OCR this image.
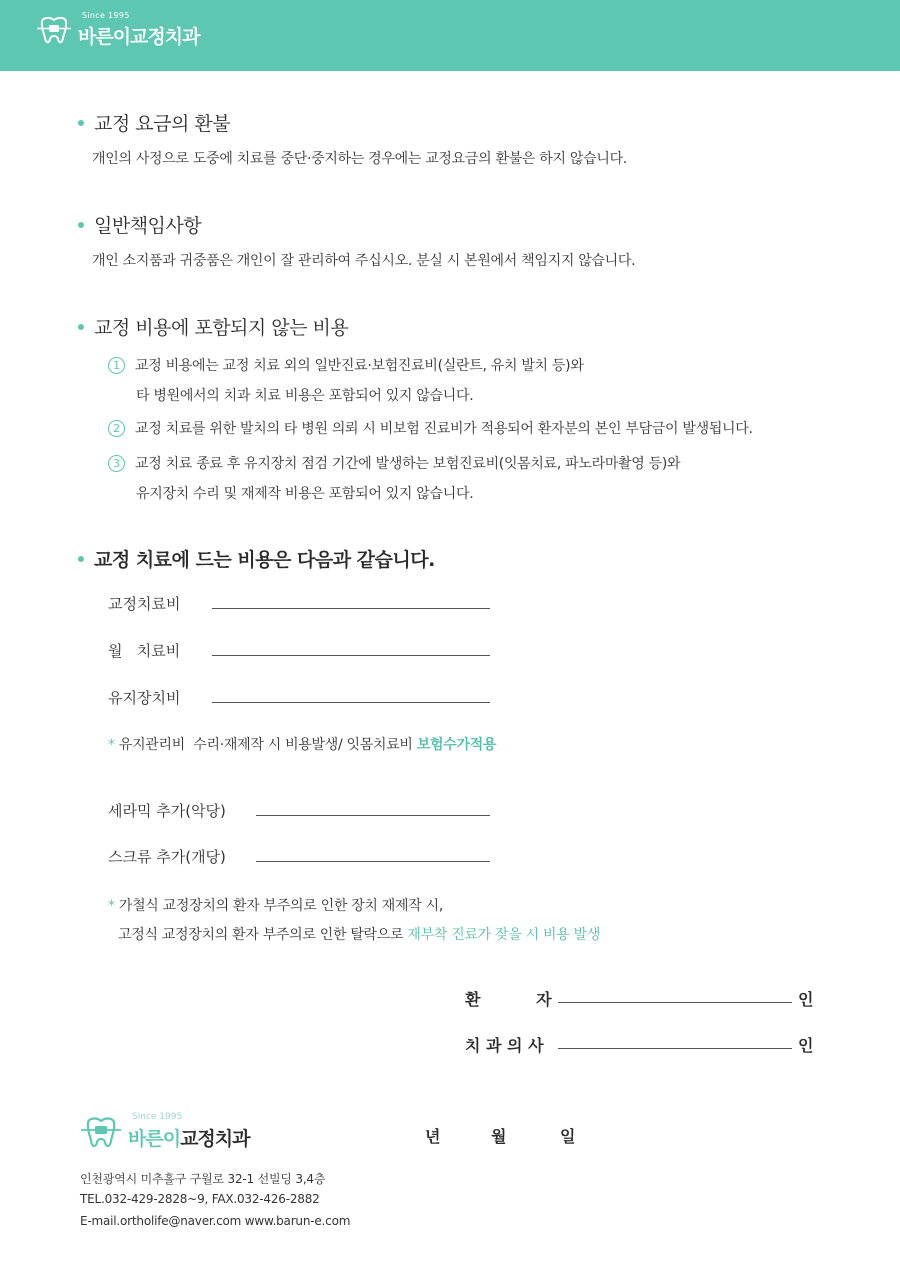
Since 1995
바른이교정치과
교정 요금의 환불
개인의 사정으로 도중에 치료를 중단·중지하는 경우에는 교정요금의 환불은 하지 않습니다.
일반책임사항
개인 소지품과 귀중품은 개인이 잘 관리하여 주십시오. 분실 시 본원에서 책임지지 않습니다.
교정 비용에 포함되지 않는 비용
1 교정 비용에는 교정 치료 외의 일반진료·보험진료비(실란트, 유치 발치 등)와
타 병원에서의 치과 치료 비용은 포함되어 있지 않습니다.
2 교정 치료를 위한 발치의 타 병원 의뢰 시 비보험 진료비가 적용되어 환자분의 본인 부담금이 발생됩니다.
3 교정 치료 종료 후 유지장치 점검 기간에 발생하는 보험진료비(잇몸치료, 파노라마촬영 등)와
유지장치 수리 및 재제작 비용은 포함되어 있지 않습니다.
교정 치료에 드는 비용은 다음과 같습니다.
교정치료비
월   치료비
유지장치비
* 유지관리비  수리·재제작 시 비용발생/ 잇몸치료비 보험수가적용
세라믹 추가(악당)
스크류 추가(개당)
* 가철식 교정장치의 환자 부주의로 인한 장치 재제작 시,
고정식 교정장치의 환자 부주의로 인한 탈락으로 재부착 진료가 잦을 시 비용 발생
환          자	인
치 과 의 사	인
년	월	일
Since 1995
바른이교정치과
인천광역시 미추홀구 구월로 32-1 선빌딩 3,4층
TEL.032-429-2828~9, FAX.032-426-2882
E-mail.ortholife@naver.com www.barun-e.com
